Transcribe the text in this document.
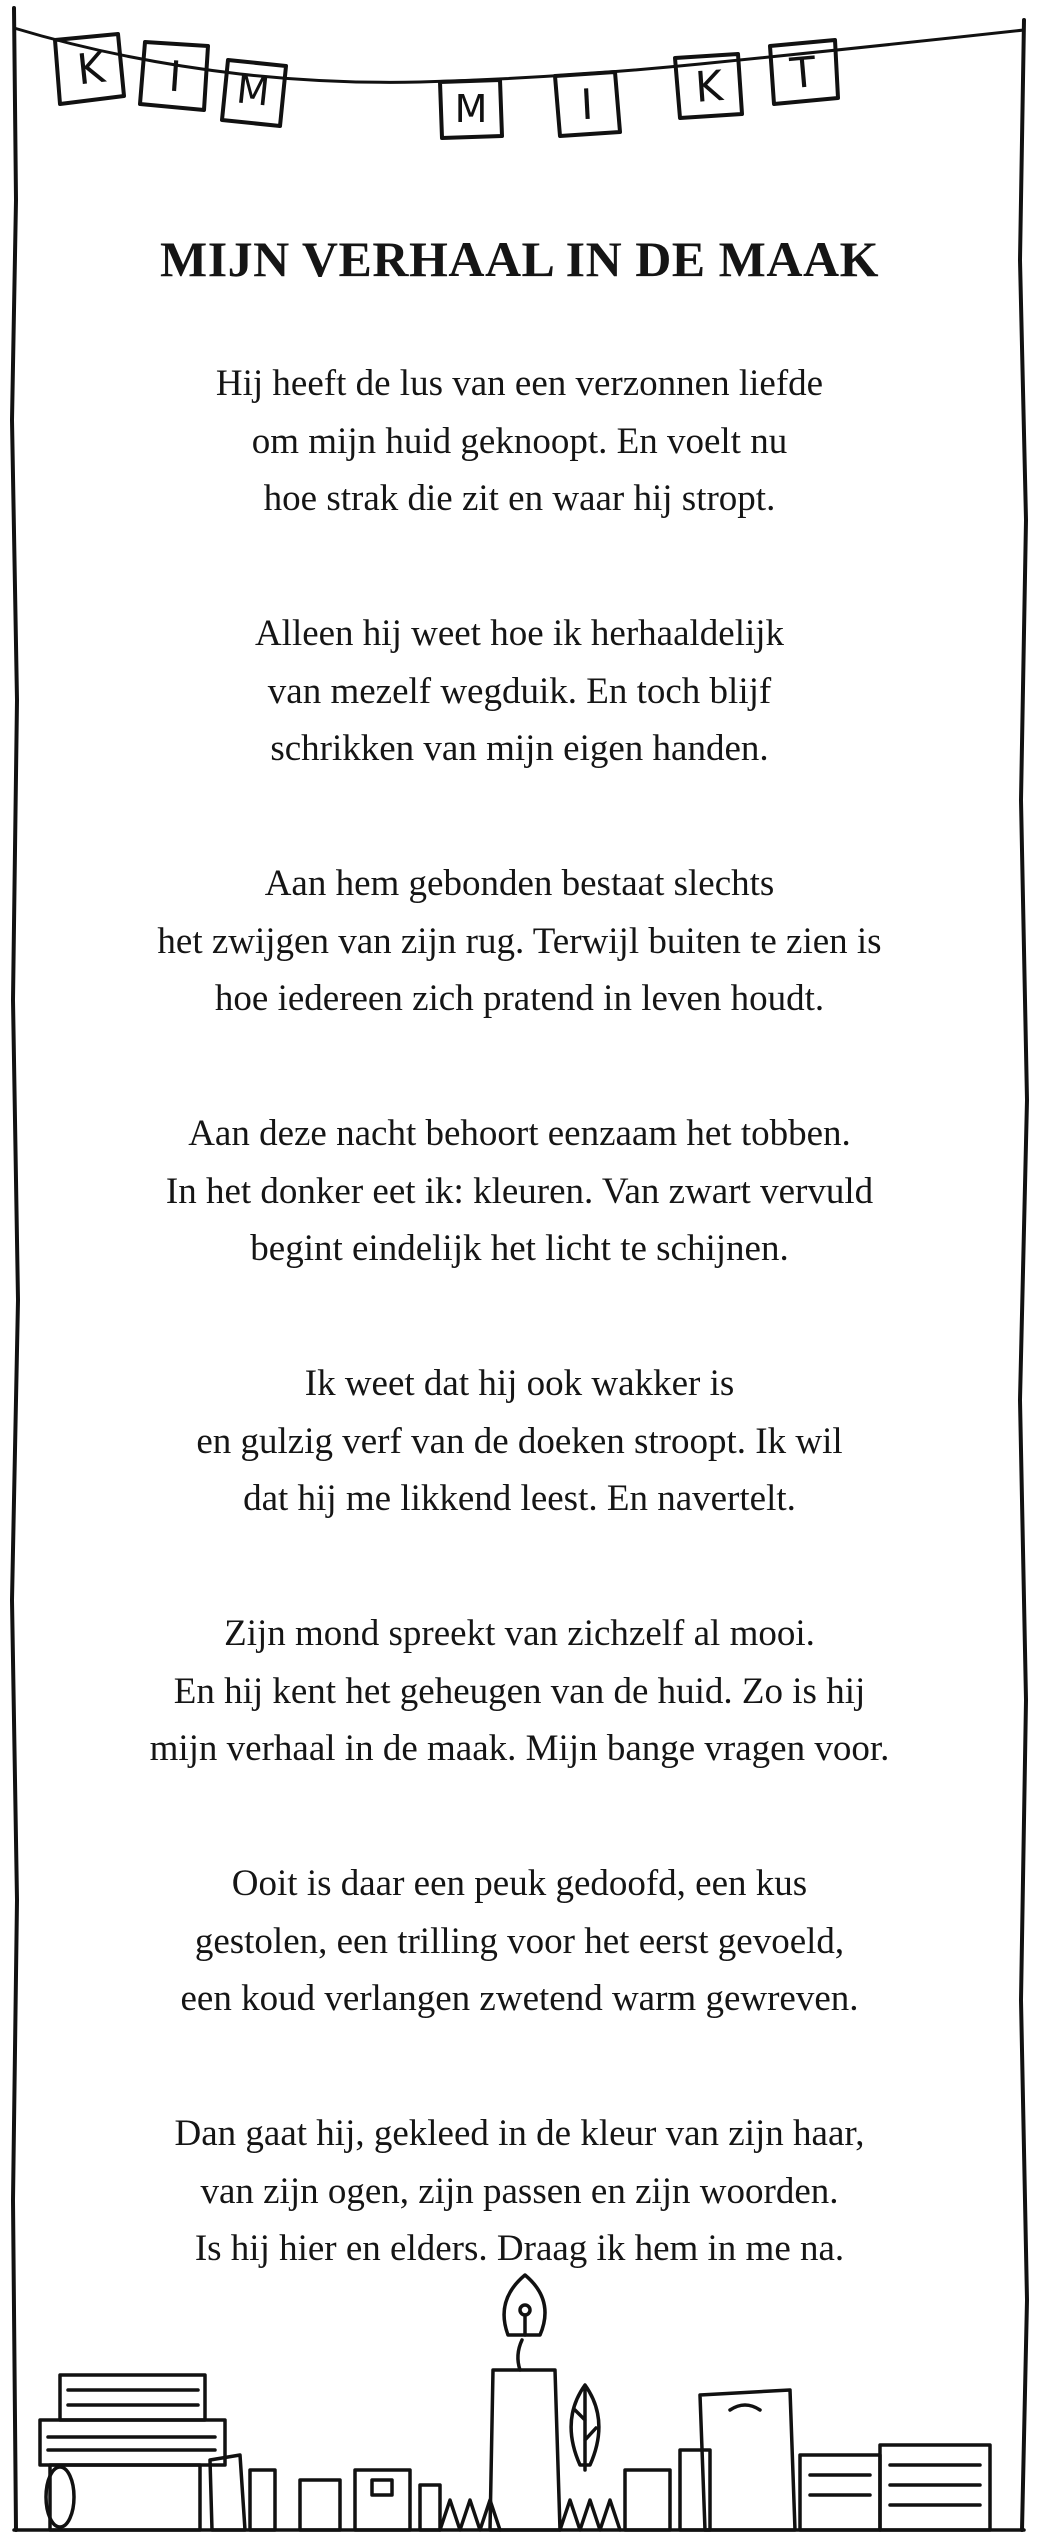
K	I	M	M	I	K T
MIJN VERHAAL IN DE MAAK
Hij heeft de lus van een verzonnen liefde
om mijn huid geknoopt. En voelt nu
hoe strak die zit en waar hij stropt.
Alleen hij weet hoe ik herhaaldelijk
van mezelf wegduik. En toch blijf
schrikken van mijn eigen handen.
Aan hem gebonden bestaat slechts
het zwijgen van zijn rug. Terwijl buiten te zien is
hoe iedereen zich pratend in leven houdt.
Aan deze nacht behoort eenzaam het tobben.
In het donker eet ik: kleuren. Van zwart vervuld
begint eindelijk het licht te schijnen.
Ik weet dat hij ook wakker is
en gulzig verf van de doeken stroopt. Ik wil
dat hij me likkend leest. En navertelt.
Zijn mond spreekt van zichzelf al mooi.
En hij kent het geheugen van de huid. Zo is hij
mijn verhaal in de maak. Mijn bange vragen voor.
Ooit is daar een peuk gedoofd, een kus
gestolen, een trilling voor het eerst gevoeld,
een koud verlangen zwetend warm gewreven.
Dan gaat hij, gekleed in de kleur van zijn haar,
van zijn ogen, zijn passen en zijn woorden.
Is hij hier en elders. Draag ik hem in me na.
